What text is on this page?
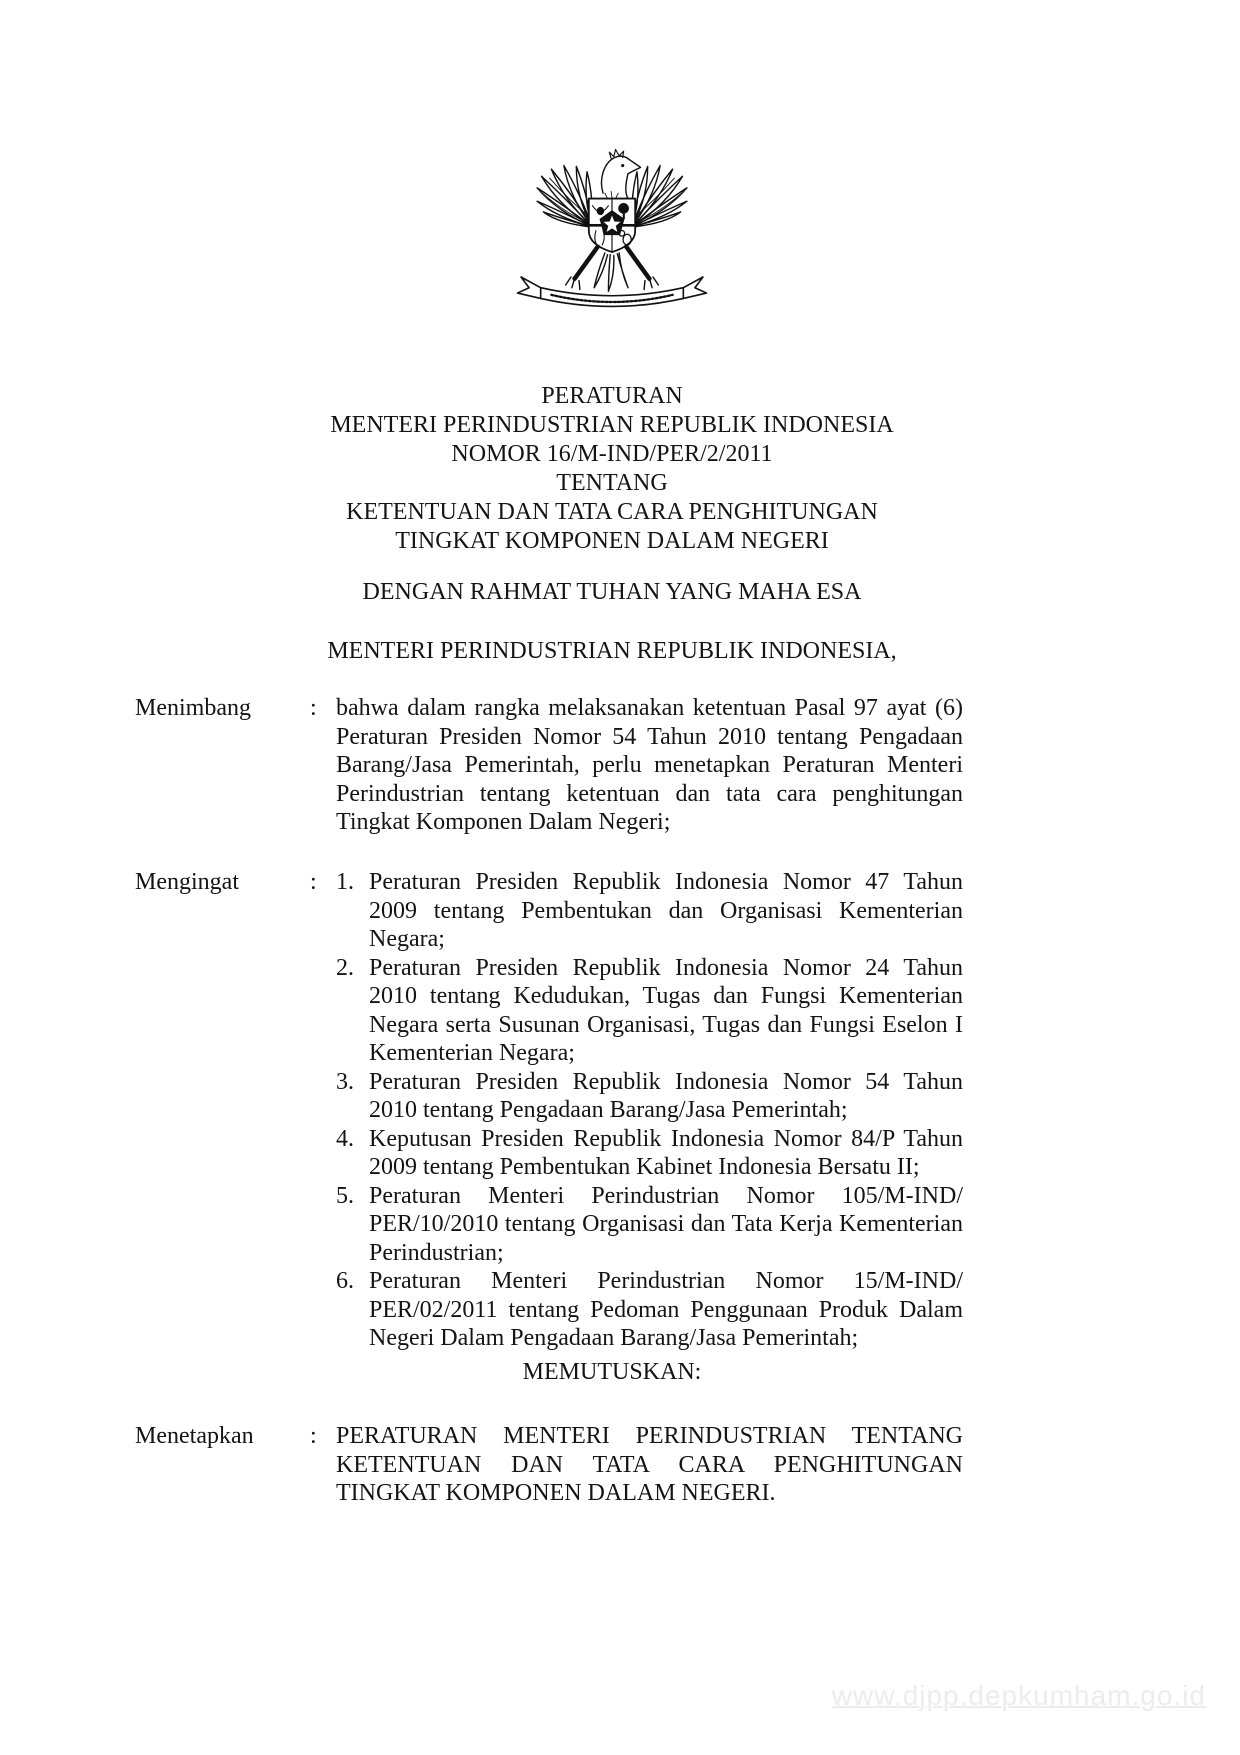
PERATURAN
MENTERI PERINDUSTRIAN REPUBLIK INDONESIA
NOMOR 16/M-IND/PER/2/2011
TENTANG
KETENTUAN DAN TATA CARA PENGHITUNGAN
TINGKAT KOMPONEN DALAM NEGERI
DENGAN RAHMAT TUHAN YANG MAHA ESA
MENTERI PERINDUSTRIAN REPUBLIK INDONESIA,
Menimbang	: bahwa dalam rangka melaksanakan ketentuan Pasal 97 ayat (6) Peraturan Presiden Nomor 54 Tahun 2010 tentang Pengadaan Barang/Jasa Pemerintah, perlu menetapkan Peraturan Menteri Perindustrian tentang ketentuan dan tata cara penghitungan Tingkat Komponen Dalam Negeri;
Mengingat	: 1. Peraturan Presiden Republik Indonesia Nomor 47 Tahun 2009 tentang Pembentukan dan Organisasi Kementerian Negara;
2. Peraturan Presiden Republik Indonesia Nomor 24 Tahun 2010 tentang Kedudukan, Tugas dan Fungsi Kementerian Negara serta Susunan Organisasi, Tugas dan Fungsi Eselon I Kementerian Negara;
3. Peraturan Presiden Republik Indonesia Nomor 54 Tahun 2010 tentang Pengadaan Barang/Jasa Pemerintah;
4. Keputusan Presiden Republik Indonesia Nomor 84/P Tahun 2009 tentang Pembentukan Kabinet Indonesia Bersatu II;
5. Peraturan Menteri Perindustrian Nomor 105/M-IND/ PER/10/2010 tentang Organisasi dan Tata Kerja Kementerian Perindustrian;
6. Peraturan Menteri Perindustrian Nomor 15/M-IND/ PER/02/2011 tentang Pedoman Penggunaan Produk Dalam Negeri Dalam Pengadaan Barang/Jasa Pemerintah;
MEMUTUSKAN:
Menetapkan	: PERATURAN MENTERI PERINDUSTRIAN TENTANG KETENTUAN DAN TATA CARA PENGHITUNGAN TINGKAT KOMPONEN DALAM NEGERI.
www.djpp.depkumham.go.id
